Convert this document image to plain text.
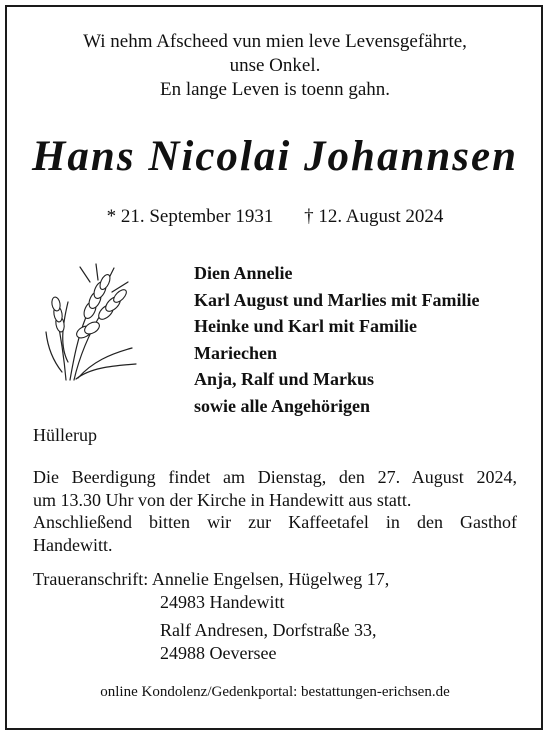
Wi nehm Afscheed vun mien leve Levensgefährte,
unse Onkel.
En lange Leven is toenn gahn.
Hans Nicolai Johannsen
* 21. September 1931 † 12. August 2024
Dien Annelie
Karl August und Marlies mit Familie
Heinke und Karl mit Familie
Mariechen
Anja, Ralf und Markus
sowie alle Angehörigen
Hüllerup

Die Beerdigung findet am Dienstag, den 27. August 2024,

um 13.30 Uhr von der Kirche in Handewitt aus statt.

Anschließend bitten wir zur Kaffeetafel in den Gasthof

Handewitt.

Traueranschrift: Annelie Engelsen, Hügelweg 17,
24983 Handewitt
Ralf Andresen, Dorfstraße 33,
24988 Oeversee
online Kondolenz/Gedenkportal: bestattungen-erichsen.de
